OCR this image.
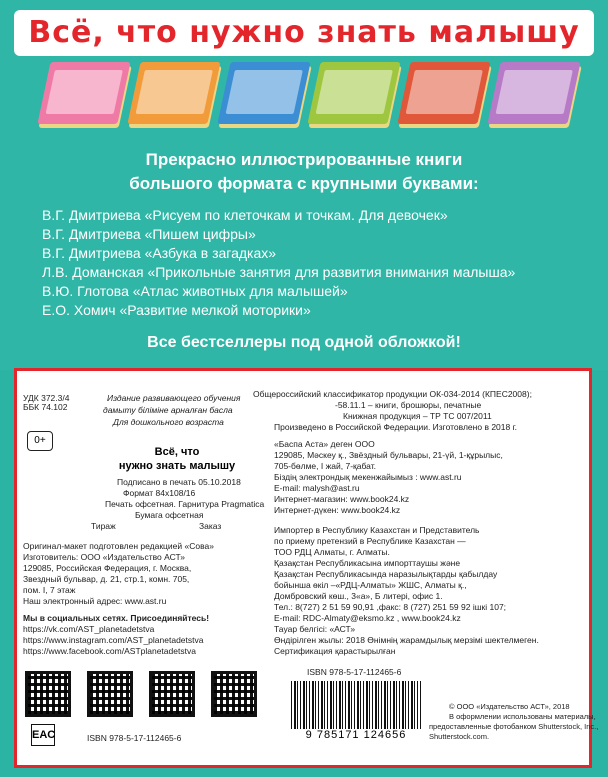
Всё, что нужно знать малышу
Прекрасно иллюстрированные книги
большого формата с крупными буквами:
В.Г. Дмитриева «Рисуем по клеточкам и точкам. Для девочек»
В.Г. Дмитриева «Пишем цифры»
В.Г. Дмитриева «Азбука в загадках»
Л.В. Доманская «Прикольные занятия для развития внимания малыша»
В.Ю. Глотова «Атлас животных для малышей»
Е.О. Хомич «Развитие мелкой моторики»
Все бестселлеры под одной обложкой!
УДК 372.3/4
ББК 74.102
Издание развивающего обучения
дамыту бiлiмiне арналған басла
Для дошкольного возраста
0+
Всё, что
нужно знать малышу
Подписано в печать 05.10.2018
Формат 84х108/16
Печать офсетная. Гарнитура Pragmatica
Бумага офсетная
Тираж	Заказ
Оригинал-макет подготовлен редакцией «Сова»
Изготовитель: ООО «Издательство АСТ»
129085, Российская Федерация, г. Москва,
Звездный бульвар, д. 21, стр.1, комн. 705,
пом. I, 7 этаж
Наш электронный адрес: www.ast.ru
Мы в социальных сетях. Присоединяйтесь!
https://vk.com/AST_planetadetstva
https://www.instagram.com/AST_planetadetstva
https://www.facebook.com/ASTplanetadetstva
EAC	ISBN 978-5-17-112465-6
Общероссийский классификатор продукции ОК-034-2014 (КПЕС2008);
-58.11.1 – книги, брошюры, печатные
Книжная продукция – ТР ТС 007/2011
Произведено в Российской Федерации. Изготовлено в 2018 г.
«Баспа Аста» деген ООО
129085, Мәскеу қ., Звёздный бульвары, 21-үй, 1-құрылыс,
705-бөлме, I жай, 7-қабат.
Біздің электрондық мекенжайымыз : www.ast.ru
E-mail: malysh@ast.ru
Интернет-магазин: www.book24.kz
Интернет-дүкен: www.book24.kz
Импортер в Республику Казахстан и Представитель
по приему претензий в Республике Казахстан —
ТОО РДЦ Алматы, г. Алматы.
Қазақстан Республикасына импорттаушы және
Қазақстан Республикасында наразылықтарды қабылдау
бойынша өкіл –«РДЦ-Алматы» ЖШС, Алматы қ.,
Домбровский көш., 3«а», Б литері, офис 1.
Тел.: 8(727) 2 51 59 90,91 ,факс: 8 (727) 251 59 92 ішкі 107;
E-mail: RDC-Almaty@eksmo.kz , www.book24.kz
Тауар белгісі: «АСТ»
Өндірілген жылы: 2018 Өнімнің жарамдылық мерзімі шектелмеген.
Сертификация қарастырылған
ISBN 978-5-17-112465-6
9 785171 124656
© ООО «Издательство АСТ», 2018
В оформлении использованы материалы,
предоставленные фотобанком Shutterstock, Inc.,
Shutterstock.com.
